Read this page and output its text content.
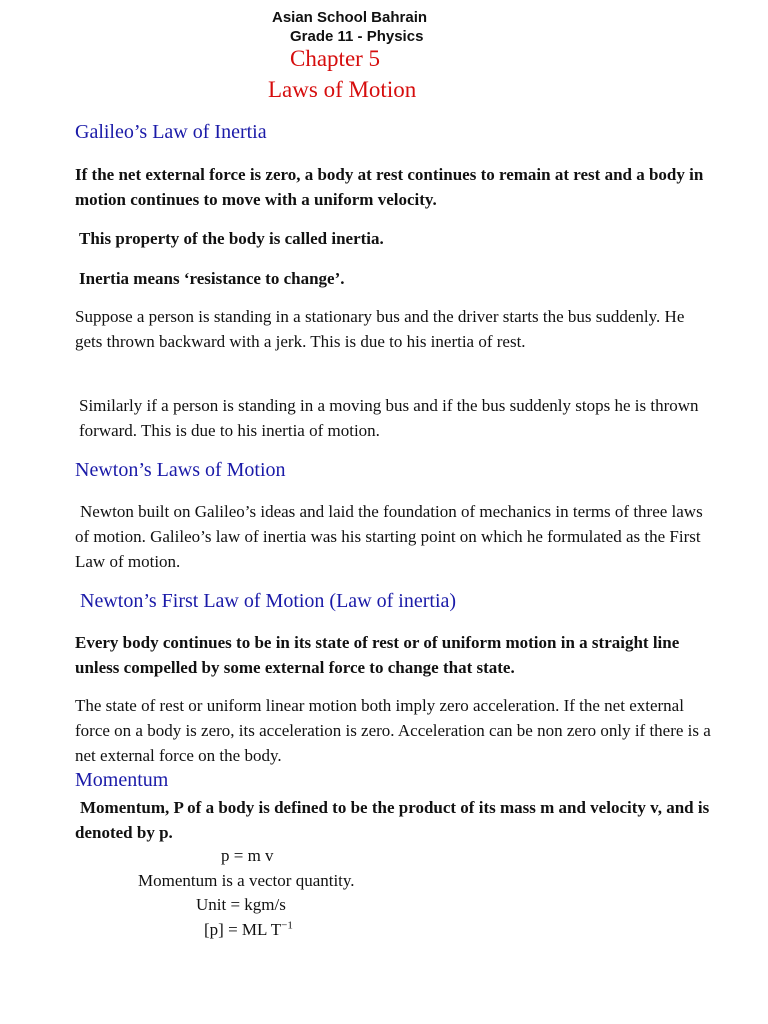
Asian School Bahrain
Grade 11 - Physics
Chapter 5
Laws of Motion
Galileo’s Law of Inertia

If the net external force is zero, a body at rest continues to remain at rest and a body in motion continues to move with a uniform velocity.

This property of the body is called inertia.

Inertia means ‘resistance to change’.

Suppose a person is standing in a stationary bus and the driver starts the bus suddenly. He gets thrown backward with a jerk. This is due to his inertia of rest.

Similarly if a person is standing in a moving bus and if the bus suddenly stops he is thrown forward. This is due to his inertia of motion.

Newton’s Laws of Motion

Newton built on Galileo’s ideas and laid the foundation of mechanics in terms of three laws of motion. Galileo’s law of inertia was his starting point on which he formulated as the First Law of motion.

Newton’s First Law of Motion (Law of inertia)

Every body continues to be in its state of rest or of uniform motion in a straight line unless compelled by some external force to change that state.

The state of rest or uniform linear motion both imply zero acceleration. If the net external force on a body is zero, its acceleration is zero. Acceleration can be non zero only if there is a net external force on the body.

Momentum

Momentum, P of a body is defined to be the product of its mass m and velocity v, and is denoted by p.

p = m v
Momentum is a vector quantity.
Unit = kgm/s
[p] = ML $T^{-1}$
